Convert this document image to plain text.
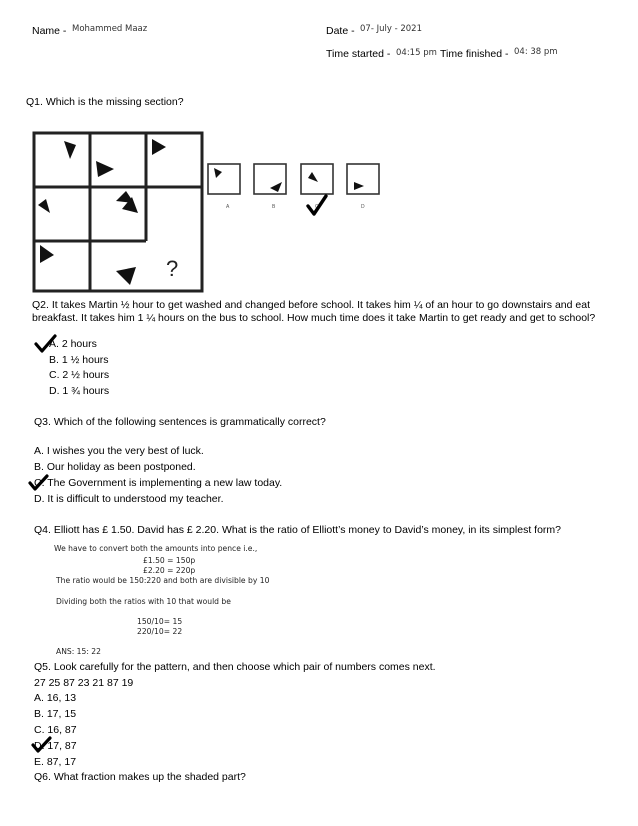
Name - Mohammed Maaz	Date - 07- July - 2021
Time started - 04:15 pm Time finished - 04: 38 pm
Q1. Which is the missing section?
?
A	B	C	D
Q2. It takes Martin ½ hour to get washed and changed before school. It takes him ¼ of an hour to go downstairs and eat breakfast. It takes him 1 ¼ hours on the bus to school. How much time does it take Martin to get ready and get to school?
A. 2 hours
B. 1 ½ hours
C. 2 ½ hours
D. 1 ¾ hours
Q3. Which of the following sentences is grammatically correct?
A. I wishes you the very best of luck.
B. Our holiday as been postponed.
C. The Government is implementing a new law today.
D. It is difficult to understood my teacher.
Q4. Elliott has £ 1.50. David has £ 2.20. What is the ratio of Elliott’s money to David’s money, in its simplest form?
We have to convert both the amounts into pence i.e.,
£1.50 = 150p
£2.20 = 220p
The ratio would be 150:220 and both are divisible by 10
Dividing both the ratios with 10 that would be
150/10= 15
220/10= 22
ANS: 15: 22
Q5. Look carefully for the pattern, and then choose which pair of numbers comes next.
27 25 87 23 21 87 19
A. 16, 13
B. 17, 15
C. 16, 87
D. 17, 87
E. 87, 17
Q6. What fraction makes up the shaded part?
